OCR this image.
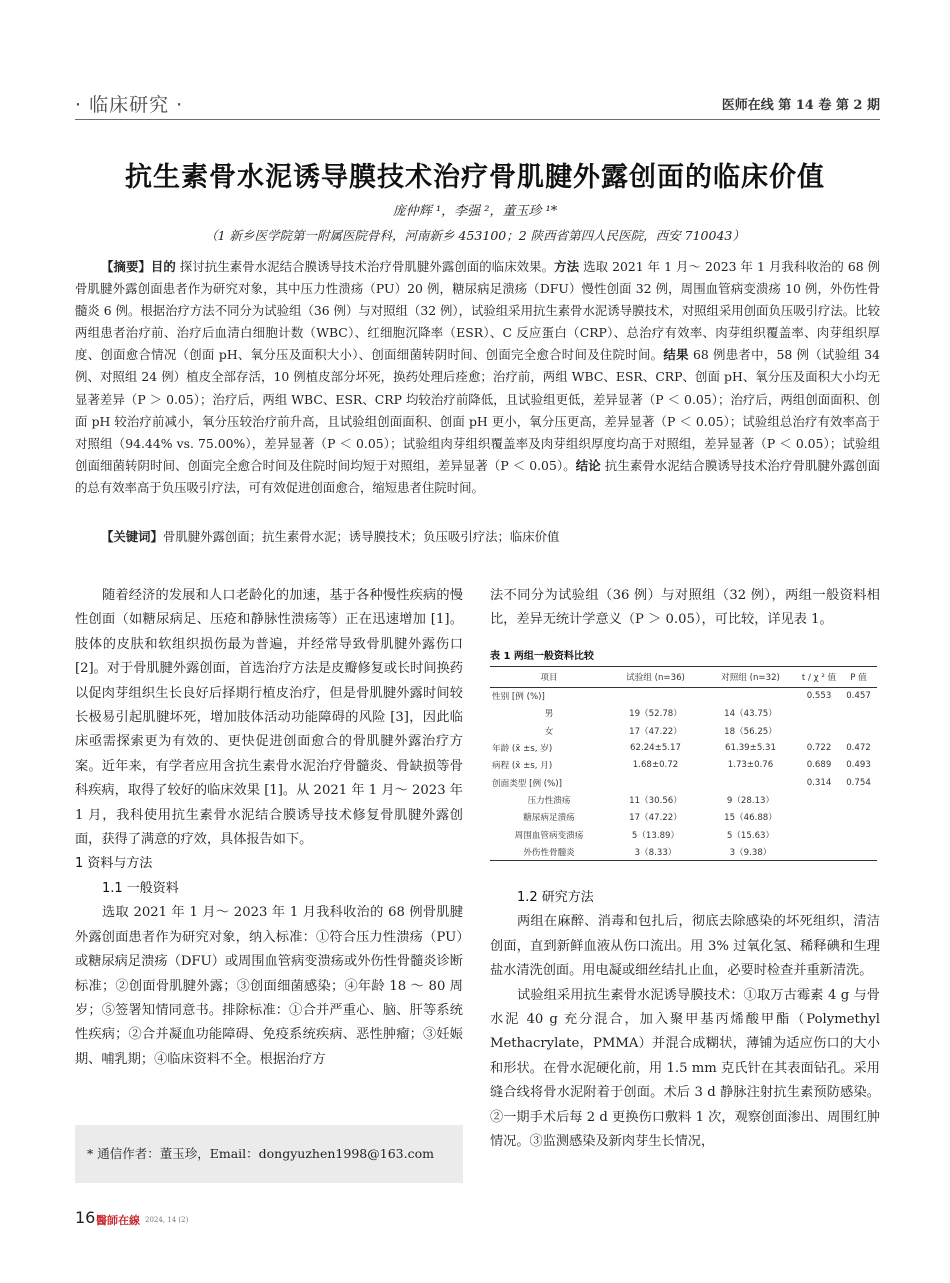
· 临床研究 ·	医师在线 第 14 卷 第 2 期
抗生素骨水泥诱导膜技术治疗骨肌腱外露创面的临床价值
庞仲辉 ¹，李强 ²，董玉珍 ¹*
（1 新乡医学院第一附属医院骨科，河南新乡 453100；2 陕西省第四人民医院，西安 710043）
【摘要】目的 探讨抗生素骨水泥结合膜诱导技术治疗骨肌腱外露创面的临床效果。方法 选取 2021 年 1 月～ 2023 年 1 月我科收治的 68 例骨肌腱外露创面患者作为研究对象，其中压力性溃疡（PU）20 例，糖尿病足溃疡（DFU）慢性创面 32 例，周围血管病变溃疡 10 例，外伤性骨髓炎 6 例。根据治疗方法不同分为试验组（36 例）与对照组（32 例），试验组采用抗生素骨水泥诱导膜技术，对照组采用创面负压吸引疗法。比较两组患者治疗前、治疗后血清白细胞计数（WBC）、红细胞沉降率（ESR）、C 反应蛋白（CRP）、总治疗有效率、肉芽组织覆盖率、肉芽组织厚度、创面愈合情况（创面 pH、氧分压及面积大小）、创面细菌转阴时间、创面完全愈合时间及住院时间。结果 68 例患者中，58 例（试验组 34 例、对照组 24 例）植皮全部存活，10 例植皮部分坏死，换药处理后痊愈；治疗前，两组 WBC、ESR、CRP、创面 pH、氧分压及面积大小均无显著差异（P ＞ 0.05）；治疗后，两组 WBC、ESR、CRP 均较治疗前降低，且试验组更低，差异显著（P ＜ 0.05）；治疗后，两组创面面积、创面 pH 较治疗前减小，氧分压较治疗前升高，且试验组创面面积、创面 pH 更小，氧分压更高，差异显著（P ＜ 0.05）；试验组总治疗有效率高于对照组（94.44% vs. 75.00%），差异显著（P ＜ 0.05）；试验组肉芽组织覆盖率及肉芽组织厚度均高于对照组，差异显著（P ＜ 0.05）；试验组创面细菌转阴时间、创面完全愈合时间及住院时间均短于对照组，差异显著（P ＜ 0.05）。结论 抗生素骨水泥结合膜诱导技术治疗骨肌腱外露创面的总有效率高于负压吸引疗法，可有效促进创面愈合，缩短患者住院时间。
【关键词】骨肌腱外露创面；抗生素骨水泥；诱导膜技术；负压吸引疗法；临床价值

随着经济的发展和人口老龄化的加速，基于各种慢性疾病的慢性创面（如糖尿病足、压疮和静脉性溃疡等）正在迅速增加 [1]。肢体的皮肤和软组织损伤最为普遍，并经常导致骨肌腱外露伤口 [2]。对于骨肌腱外露创面，首选治疗方法是皮瓣修复或长时间换药以促肉芽组织生长良好后择期行植皮治疗，但是骨肌腱外露时间较长极易引起肌腱坏死，增加肢体活动功能障碍的风险 [3]，因此临床亟需探索更为有效的、更快促进创面愈合的骨肌腱外露治疗方案。近年来，有学者应用含抗生素骨水泥治疗骨髓炎、骨缺损等骨科疾病，取得了较好的临床效果 [1]。从 2021 年 1 月～ 2023 年 1 月，我科使用抗生素骨水泥结合膜诱导技术修复骨肌腱外露创面，获得了满意的疗效，具体报告如下。

1 资料与方法
1.1 一般资料

选取 2021 年 1 月～ 2023 年 1 月我科收治的 68 例骨肌腱外露创面患者作为研究对象，纳入标准：①符合压力性溃疡（PU）或糖尿病足溃疡（DFU）或周围血管病变溃疡或外伤性骨髓炎诊断标准；②创面骨肌腱外露；③创面细菌感染；④年龄 18 ～ 80 周岁；⑤签署知情同意书。排除标准：①合并严重心、脑、肝等系统性疾病；②合并凝血功能障碍、免疫系统疾病、恶性肿瘤；③妊娠期、哺乳期；④临床资料不全。根据治疗方

法不同分为试验组（36 例）与对照组（32 例），两组一般资料相比，差异无统计学意义（P ＞ 0.05），可比较，详见表 1。

表 1 两组一般资料比较
项目	试验组 (n=36)	对照组 (n=32)	t / χ ² 值	P 值
性别 [例 (%)]			0.553	0.457
男	19（52.78）	14（43.75）		
女	17（47.22）	18（56.25）		
年龄 (x̄ ±s, 岁)	62.24±5.17	61.39±5.31	0.722	0.472
病程 (x̄ ±s, 月)	1.68±0.72	1.73±0.76	0.689	0.493
创面类型 [例 (%)]			0.314	0.754
压力性溃疡	11（30.56）	9（28.13）		
糖尿病足溃疡	17（47.22）	15（46.88）		
周围血管病变溃疡	5（13.89）	5（15.63）		
外伤性骨髓炎	3（8.33）	3（9.38）		
1.2 研究方法

两组在麻醉、消毒和包扎后，彻底去除感染的坏死组织，清洁创面，直到新鲜血液从伤口流出。用 3% 过氧化氢、稀释碘和生理盐水清洗创面。用电凝或细丝结扎止血，必要时检查并重新清洗。

试验组采用抗生素骨水泥诱导膜技术：①取万古霉素 4 g 与骨水泥 40 g 充分混合，加入聚甲基丙烯酸甲酯（Polymethyl Methacrylate，PMMA）并混合成糊状，薄铺为适应伤口的大小和形状。在骨水泥硬化前，用 1.5 mm 克氏针在其表面钻孔。采用缝合线将骨水泥附着于创面。术后 3 d 静脉注射抗生素预防感染。②一期手术后每 2 d 更换伤口敷料 1 次，观察创面渗出、周围红肿情况。③监测感染及新肉芽生长情况，

* 通信作者：董玉珍，Email：dongyuzhen1998@163.com
16 醫師在線 2024, 14 (2)
